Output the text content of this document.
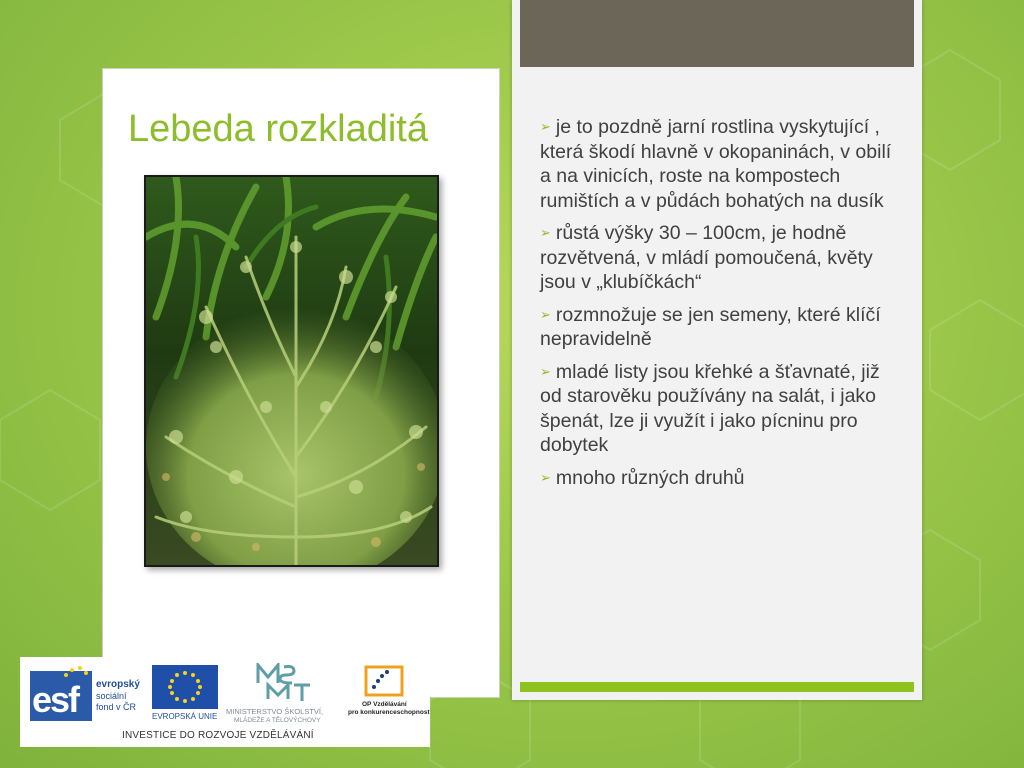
Lebeda rozkladitá	➢ je to pozdně jarní rostlina vyskytující , která škodí hlavně v okopaninách, v obilí a na vinicích, roste na kompostech rumištích a v půdách bohatých na dusík
➢ růstá výšky 30 – 100cm, je hodně rozvětvená, v mládí pomoučená, květy jsou v „klubíčkách“
➢ rozmnožuje se jen semeny, které klíčí nepravidelně
➢ mladé listy jsou křehké a šťavnaté, již od starověku používány na salát, i jako špenát, lze ji využít i jako pícninu pro dobytek
➢ mnoho různých druhů
esf evropský
sociální
fond v ČR
EVROPSKÁ UNIE
MINISTERSTVO ŠKOLSTVÍ,
MLÁDEŽE A TĚLOVÝCHOVY
OP Vzdělávání
pro konkurenceschopnost
INVESTICE DO ROZVOJE VZDĚLÁVÁNÍ
